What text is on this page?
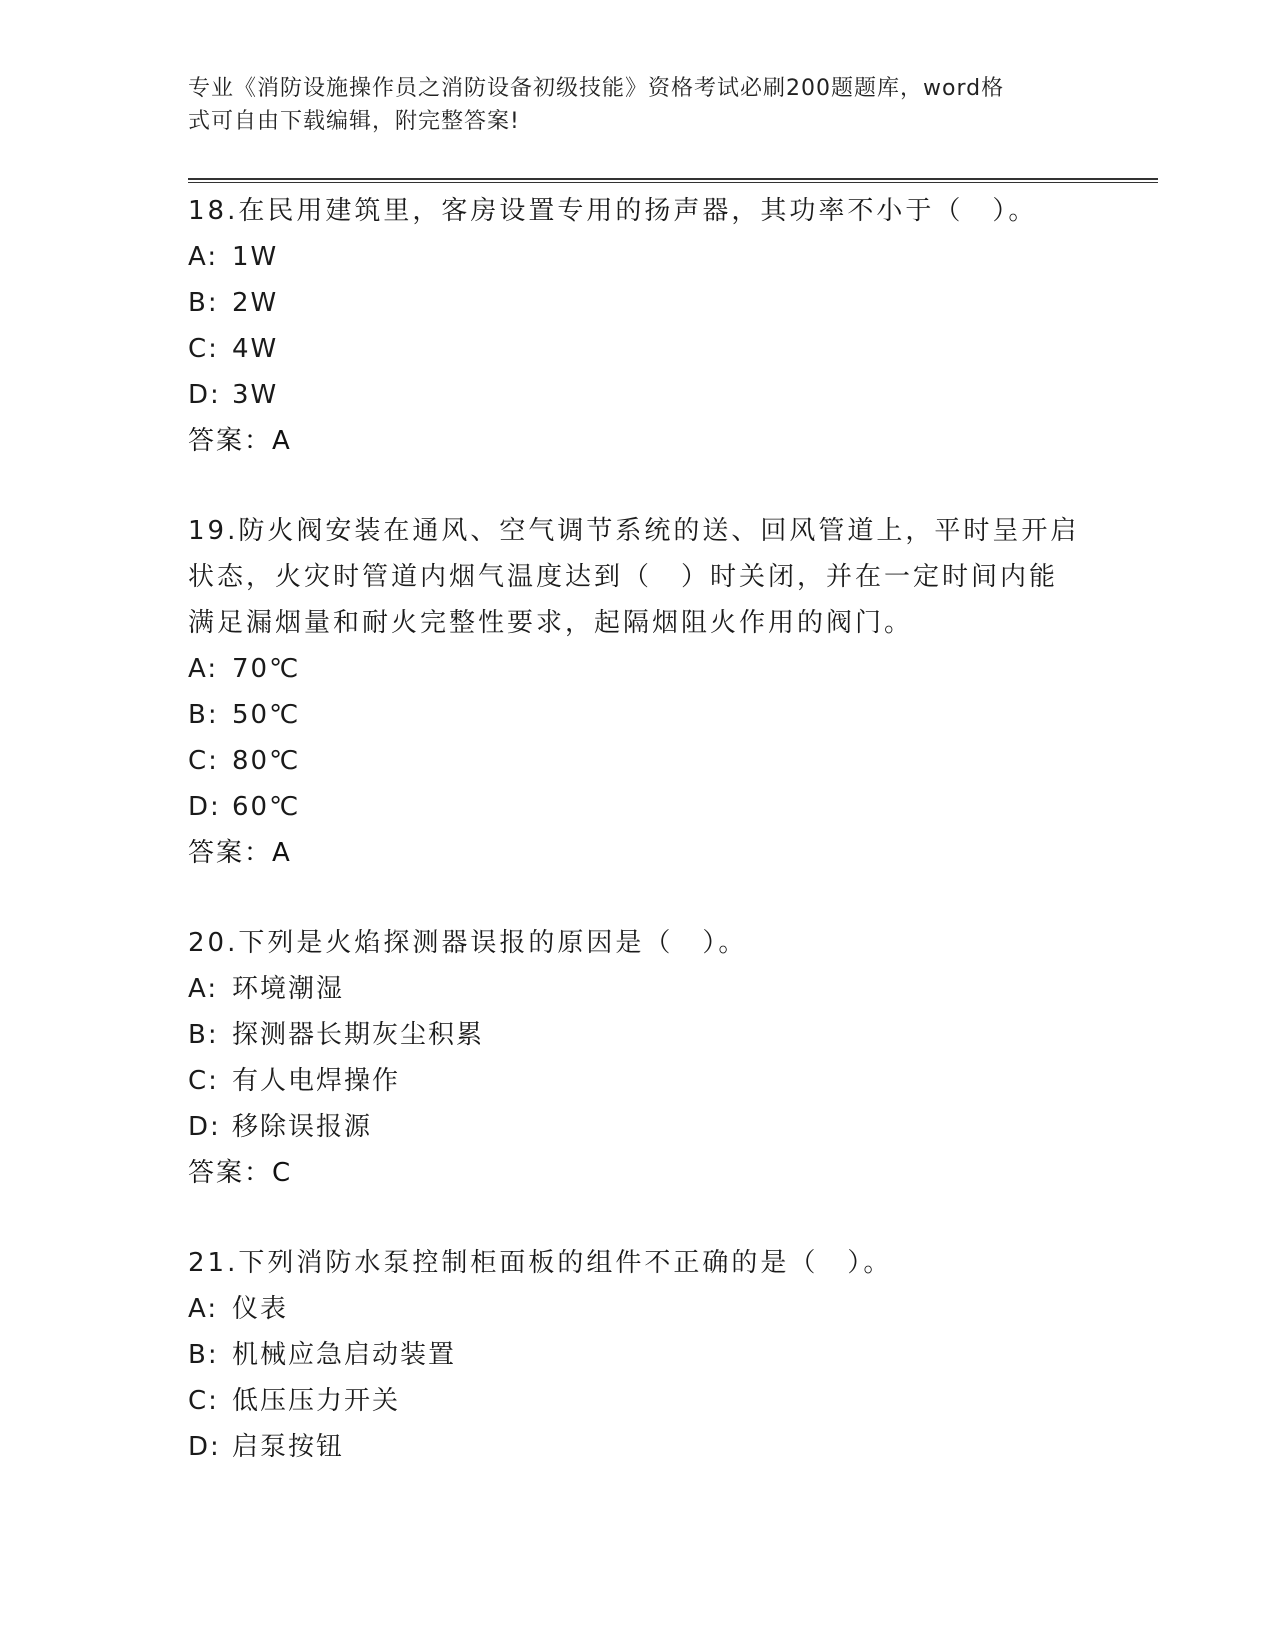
专业《消防设施操作员之消防设备初级技能》资格考试必刷200题题库，word格
式可自由下载编辑，附完整答案!
18.在民用建筑里，客房设置专用的扬声器，其功率不小于（　）。
A: 1W
B: 2W
C: 4W
D: 3W
答案：A
19.防火阀安装在通风、空气调节系统的送、回风管道上，平时呈开启
状态，火灾时管道内烟气温度达到（　）时关闭，并在一定时间内能
满足漏烟量和耐火完整性要求，起隔烟阻火作用的阀门。
A: 70℃
B: 50℃
C: 80℃
D: 60℃
答案：A
20.下列是火焰探测器误报的原因是（　）。
A: 环境潮湿
B: 探测器长期灰尘积累
C: 有人电焊操作
D: 移除误报源
答案：C
21.下列消防水泵控制柜面板的组件不正确的是（　）。
A: 仪表
B: 机械应急启动装置
C: 低压压力开关
D: 启泵按钮
